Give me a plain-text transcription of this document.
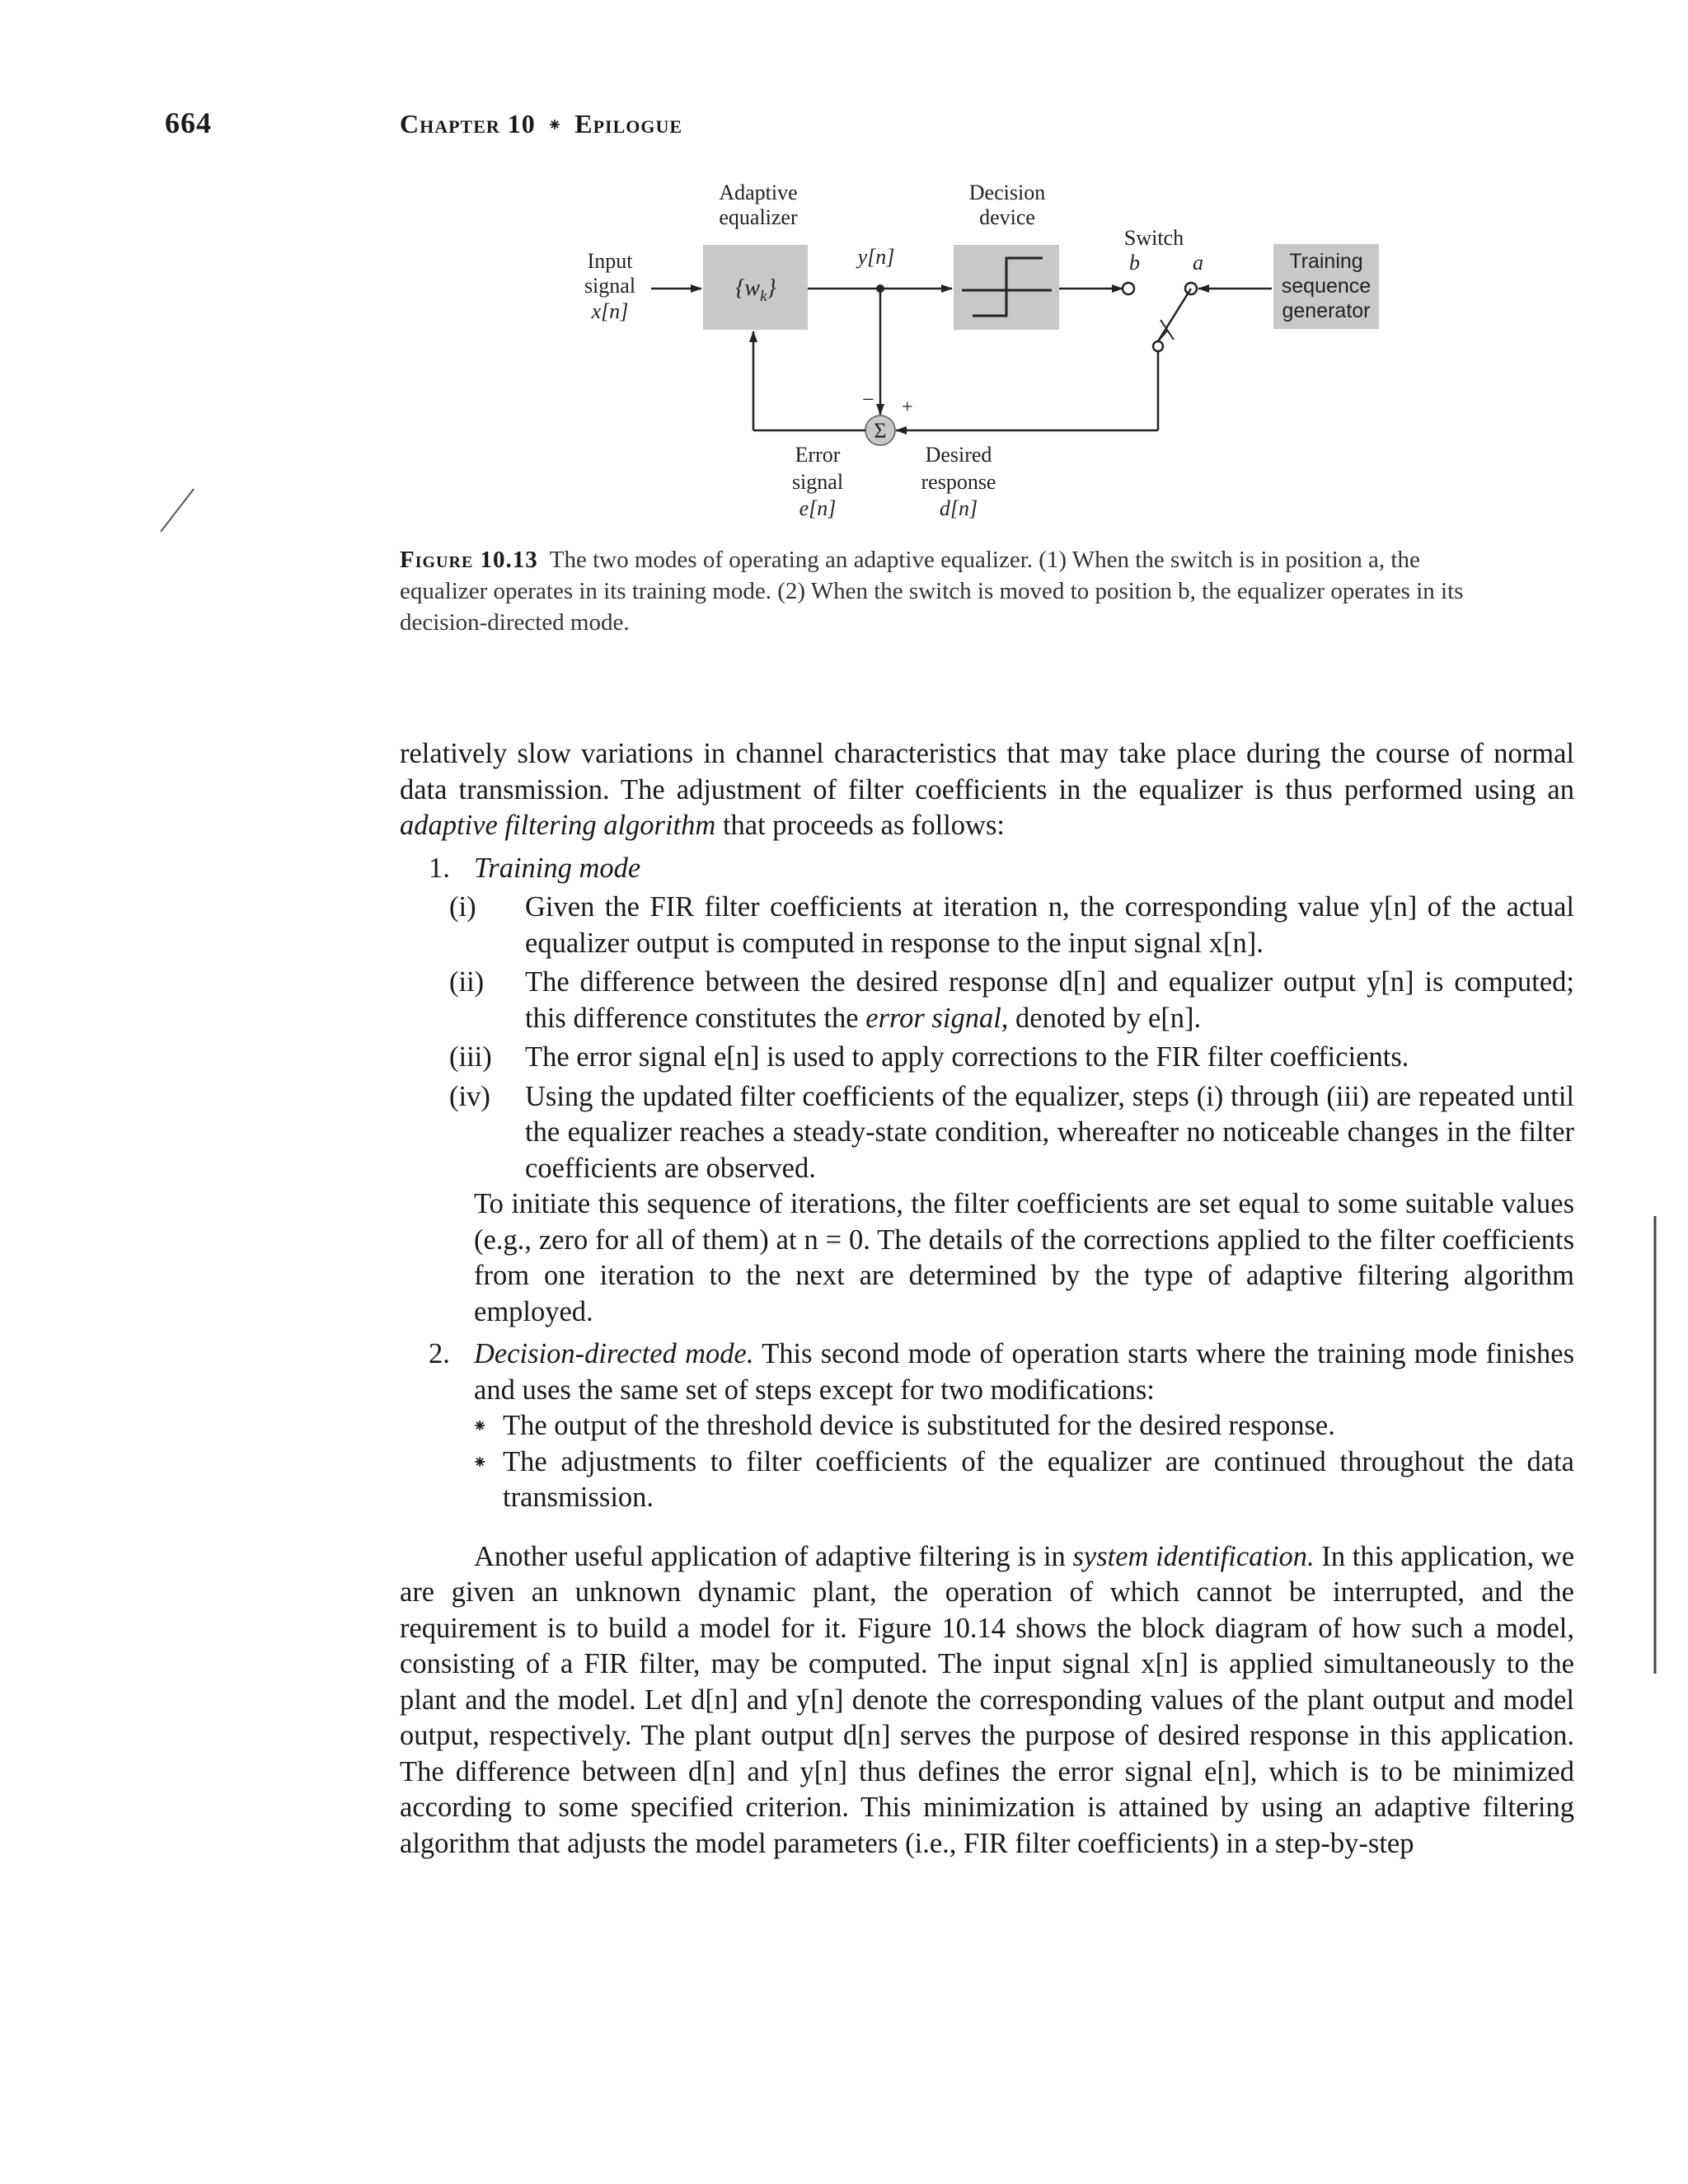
664	Chapter 10 ⁕ Epilogue
Adaptive
equalizer
Decision
device
Switch
b a
Input
signal
x[n]
$\{w_k\}$
Training
sequence
generator
y[n]
Σ
− +
Error
signal
e[n]
Desired
response
d[n]
Figure 10.13 The two modes of operating an adaptive equalizer. (1) When the switch is in position a, the equalizer operates in its training mode. (2) When the switch is moved to position b, the equalizer operates in its decision-directed mode.

relatively slow variations in channel characteristics that may take place during the course of normal data transmission. The adjustment of filter coefficients in the equalizer is thus performed using an adaptive filtering algorithm that proceeds as follows:

1. Training mode
(i) Given the FIR filter coefficients at iteration n, the corresponding value y[n] of the actual equalizer output is computed in response to the input signal x[n].
(ii) The difference between the desired response d[n] and equalizer output y[n] is computed; this difference constitutes the error signal, denoted by e[n].
(iii) The error signal e[n] is used to apply corrections to the FIR filter coefficients.
(iv) Using the updated filter coefficients of the equalizer, steps (i) through (iii) are repeated until the equalizer reaches a steady-state condition, whereafter no noticeable changes in the filter coefficients are observed.

To initiate this sequence of iterations, the filter coefficients are set equal to some suitable values (e.g., zero for all of them) at n = 0. The details of the corrections applied to the filter coefficients from one iteration to the next are determined by the type of adaptive filtering algorithm employed.

2. Decision-directed mode. This second mode of operation starts where the training mode finishes and uses the same set of steps except for two modifications:
⁕ The output of the threshold device is substituted for the desired response.
⁕ The adjustments to filter coefficients of the equalizer are continued throughout the data transmission.

Another useful application of adaptive filtering is in system identification. In this application, we are given an unknown dynamic plant, the operation of which cannot be interrupted, and the requirement is to build a model for it. Figure 10.14 shows the block diagram of how such a model, consisting of a FIR filter, may be computed. The input signal x[n] is applied simultaneously to the plant and the model. Let d[n] and y[n] denote the corresponding values of the plant output and model output, respectively. The plant output d[n] serves the purpose of desired response in this application. The difference between d[n] and y[n] thus defines the error signal e[n], which is to be minimized according to some specified criterion. This minimization is attained by using an adaptive filtering algorithm that adjusts the model parameters (i.e., FIR filter coefficients) in a step-by-step
